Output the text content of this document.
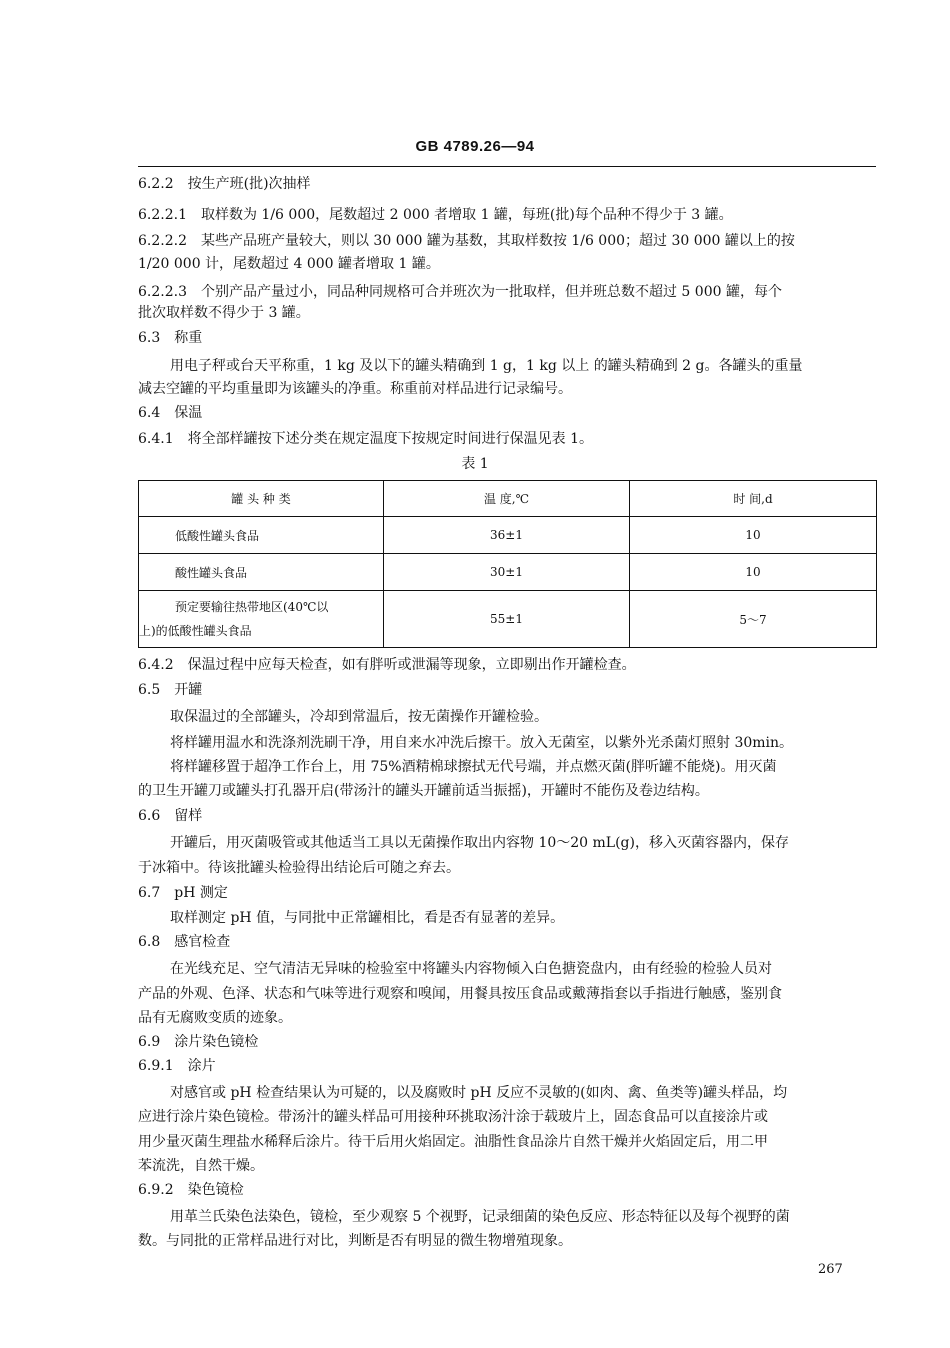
GB 4789.26—94
6.2.2 按生产班(批)次抽样
6.2.2.1 取样数为 1/6 000，尾数超过 2 000 者增取 1 罐，每班(批)每个品种不得少于 3 罐。
6.2.2.2 某些产品班产量较大，则以 30 000 罐为基数，其取样数按 1/6 000；超过 30 000 罐以上的按
1/20 000 计，尾数超过 4 000 罐者增取 1 罐。
6.2.2.3 个别产品产量过小，同品种同规格可合并班次为一批取样，但并班总数不超过 5 000 罐，每个
批次取样数不得少于 3 罐。
6.3 称重
用电子秤或台天平称重，1 kg 及以下的罐头精确到 1 g，1 kg 以上 的罐头精确到 2 g。各罐头的重量
减去空罐的平均重量即为该罐头的净重。称重前对样品进行记录编号。
6.4 保温
6.4.1 将全部样罐按下述分类在规定温度下按规定时间进行保温见表 1。
表 1
罐 头 种 类	温 度,℃	时 间,d
低酸性罐头食品	36±1	10
酸性罐头食品	30±1	10

预定要输往热带地区(40℃以
上)的低酸性罐头食品	55±1	5～7
6.4.2 保温过程中应每天检查，如有胖听或泄漏等现象，立即剔出作开罐检查。
6.5 开罐
取保温过的全部罐头，冷却到常温后，按无菌操作开罐检验。
将样罐用温水和洗涤剂洗刷干净，用自来水冲洗后擦干。放入无菌室，以紫外光杀菌灯照射 30min。
将样罐移置于超净工作台上，用 75%酒精棉球擦拭无代号端，并点燃灭菌(胖听罐不能烧)。用灭菌
的卫生开罐刀或罐头打孔器开启(带汤汁的罐头开罐前适当振摇)，开罐时不能伤及卷边结构。
6.6 留样
开罐后，用灭菌吸管或其他适当工具以无菌操作取出内容物 10～20 mL(g)，移入灭菌容器内，保存
于冰箱中。待该批罐头检验得出结论后可随之弃去。
6.7 pH 测定
取样测定 pH 值，与同批中正常罐相比，看是否有显著的差异。
6.8 感官检查
在光线充足、空气清洁无异味的检验室中将罐头内容物倾入白色搪瓷盘内，由有经验的检验人员对
产品的外观、色泽、状态和气味等进行观察和嗅闻，用餐具按压食品或戴薄指套以手指进行触感，鉴别食
品有无腐败变质的迹象。
6.9 涂片染色镜检
6.9.1 涂片
对感官或 pH 检查结果认为可疑的，以及腐败时 pH 反应不灵敏的(如肉、禽、鱼类等)罐头样品，均
应进行涂片染色镜检。带汤汁的罐头样品可用接种环挑取汤汁涂于载玻片上，固态食品可以直接涂片或
用少量灭菌生理盐水稀释后涂片。待干后用火焰固定。油脂性食品涂片自然干燥并火焰固定后，用二甲
苯流洗，自然干燥。
6.9.2 染色镜检
用革兰氏染色法染色，镜检，至少观察 5 个视野，记录细菌的染色反应、形态特征以及每个视野的菌
数。与同批的正常样品进行对比，判断是否有明显的微生物增殖现象。
267
